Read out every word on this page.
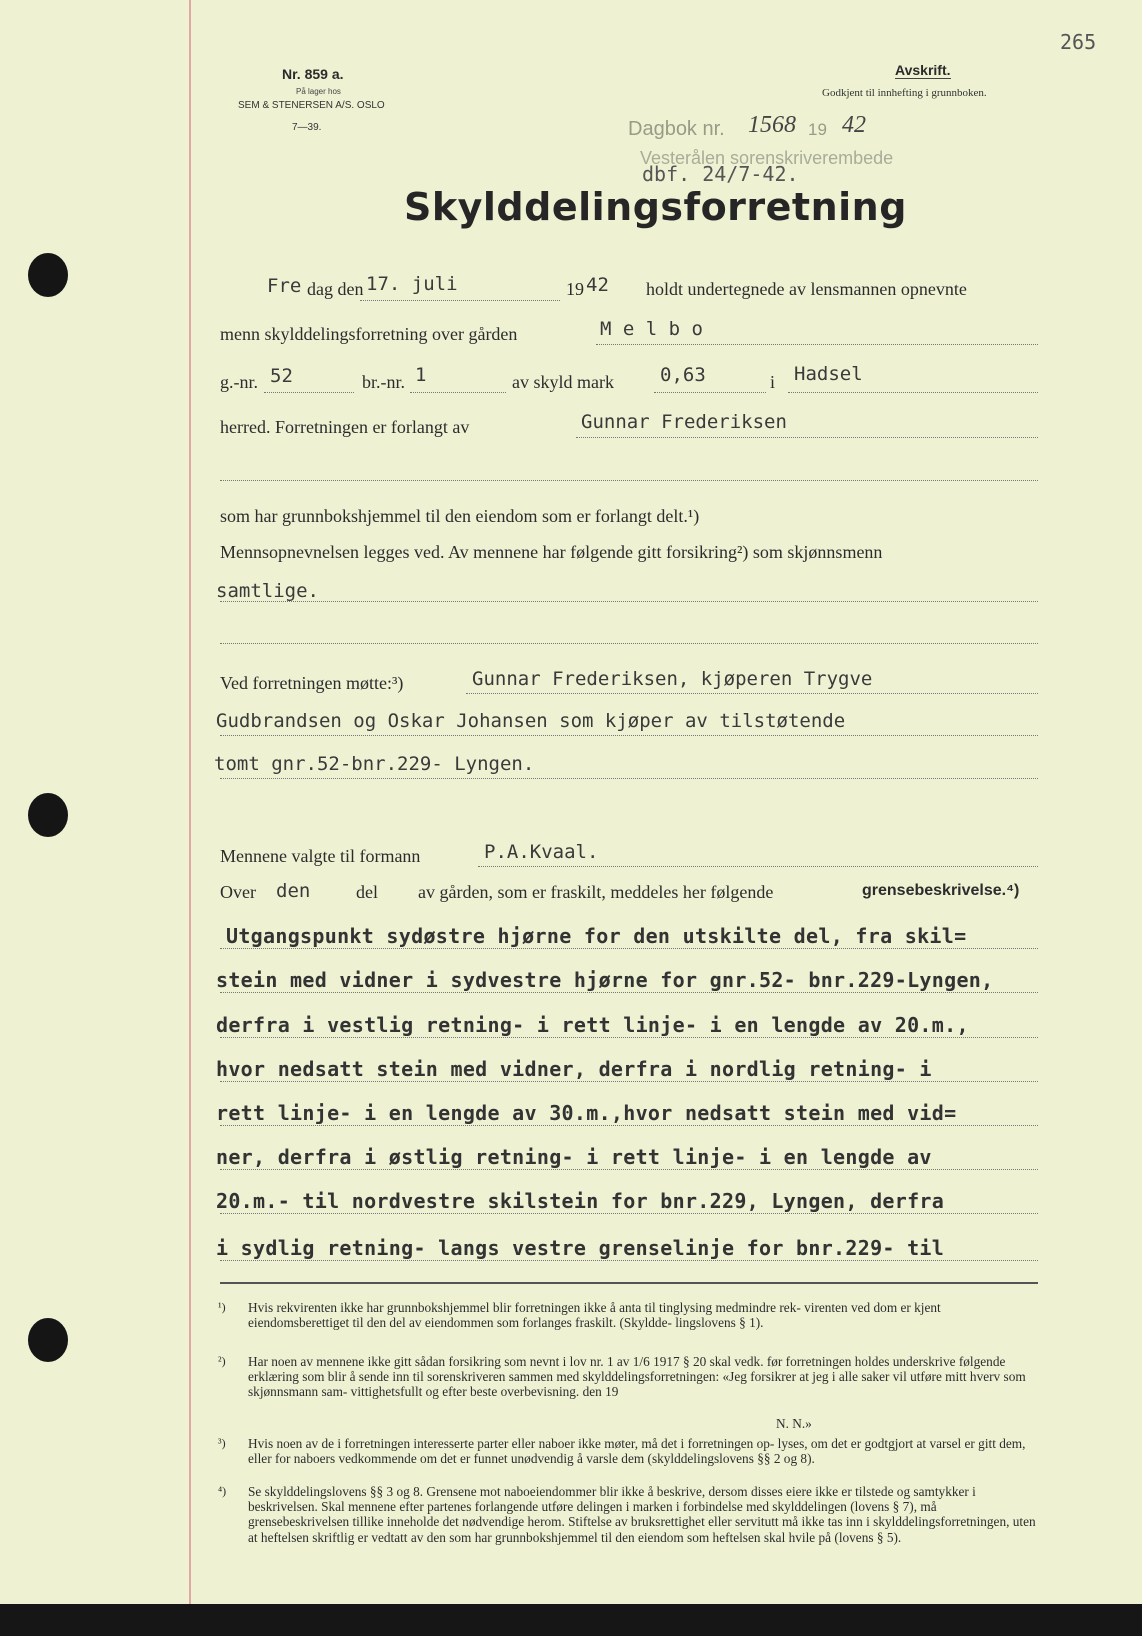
265
Nr. 859 a.
På lager hos
SEM & STENERSEN A/S. OSLO
7—39.
Avskrift.
Godkjent til innhefting i grunnboken.
Dagbok nr. 1568 19 42
Vesterålen sorenskriverembede
dbf. 24/7-42.
Skylddelingsforretning
Fre dag den 17. juli	19 42 holdt undertegnede av lensmannen opnevnte
menn skylddelingsforretning over gården	M e l b o
g.-nr. 52	br.-nr. 1	av skyld mark 0,63	i Hadsel
herred. Forretningen er forlangt av	Gunnar Frederiksen
som har grunnbokshjemmel til den eiendom som er forlangt delt.¹)
Mennsopnevnelsen legges ved. Av mennene har følgende gitt forsikring²) som skjønnsmenn
samtlige.
Ved forretningen møtte:³)	Gunnar Frederiksen, kjøperen Trygve
Gudbrandsen og Oskar Johansen som kjøper av tilstøtende
tomt gnr.52-bnr.229- Lyngen.
Mennene valgte til formann	P.A.Kvaal.
Over den	del av gården, som er fraskilt, meddeles her følgende	grensebeskrivelse.⁴)
Utgangspunkt sydøstre hjørne for den utskilte del, fra skil=
stein med vidner i sydvestre hjørne for gnr.52- bnr.229-Lyngen,
derfra i vestlig retning- i rett linje- i en lengde av 20.m.,
hvor nedsatt stein med vidner, derfra i nordlig retning- i
rett linje- i en lengde av 30.m.,hvor nedsatt stein med vid=
ner, derfra i østlig retning- i rett linje- i en lengde av
20.m.- til nordvestre skilstein for bnr.229, Lyngen, derfra
i sydlig retning- langs vestre grenselinje for bnr.229- til
¹) Hvis rekvirenten ikke har grunnbokshjemmel blir forretningen ikke å anta til tinglysing medmindre rek- virenten ved dom er kjent eiendomsberettiget til den del av eiendommen som forlanges fraskilt. (Skyldde- lingslovens § 1).
²) Har noen av mennene ikke gitt sådan forsikring som nevnt i lov nr. 1 av 1/6 1917 § 20 skal vedk. før forretningen holdes underskrive følgende erklæring som blir å sende inn til sorenskriveren sammen med skylddelingsforretningen: «Jeg forsikrer at jeg i alle saker vil utføre mitt hverv som skjønnsmann sam- vittighetsfullt og efter beste overbevisning. den 19
N. N.»
³) Hvis noen av de i forretningen interesserte parter eller naboer ikke møter, må det i forretningen op- lyses, om det er godtgjort at varsel er gitt dem, eller for naboers vedkommende om det er funnet unødvendig å varsle dem (skylddelingslovens §§ 2 og 8).
⁴) Se skylddelingslovens §§ 3 og 8. Grensene mot naboeiendommer blir ikke å beskrive, dersom disses eiere ikke er tilstede og samtykker i beskrivelsen. Skal mennene efter partenes forlangende utføre delingen i marken i forbindelse med skylddelingen (lovens § 7), må grensebeskrivelsen tillike inneholde det nødvendige herom. Stiftelse av bruksrettighet eller servitutt må ikke tas inn i skylddelingsforretningen, uten at heftelsen skriftlig er vedtatt av den som har grunnbokshjemmel til den eiendom som heftelsen skal hvile på (lovens § 5).
